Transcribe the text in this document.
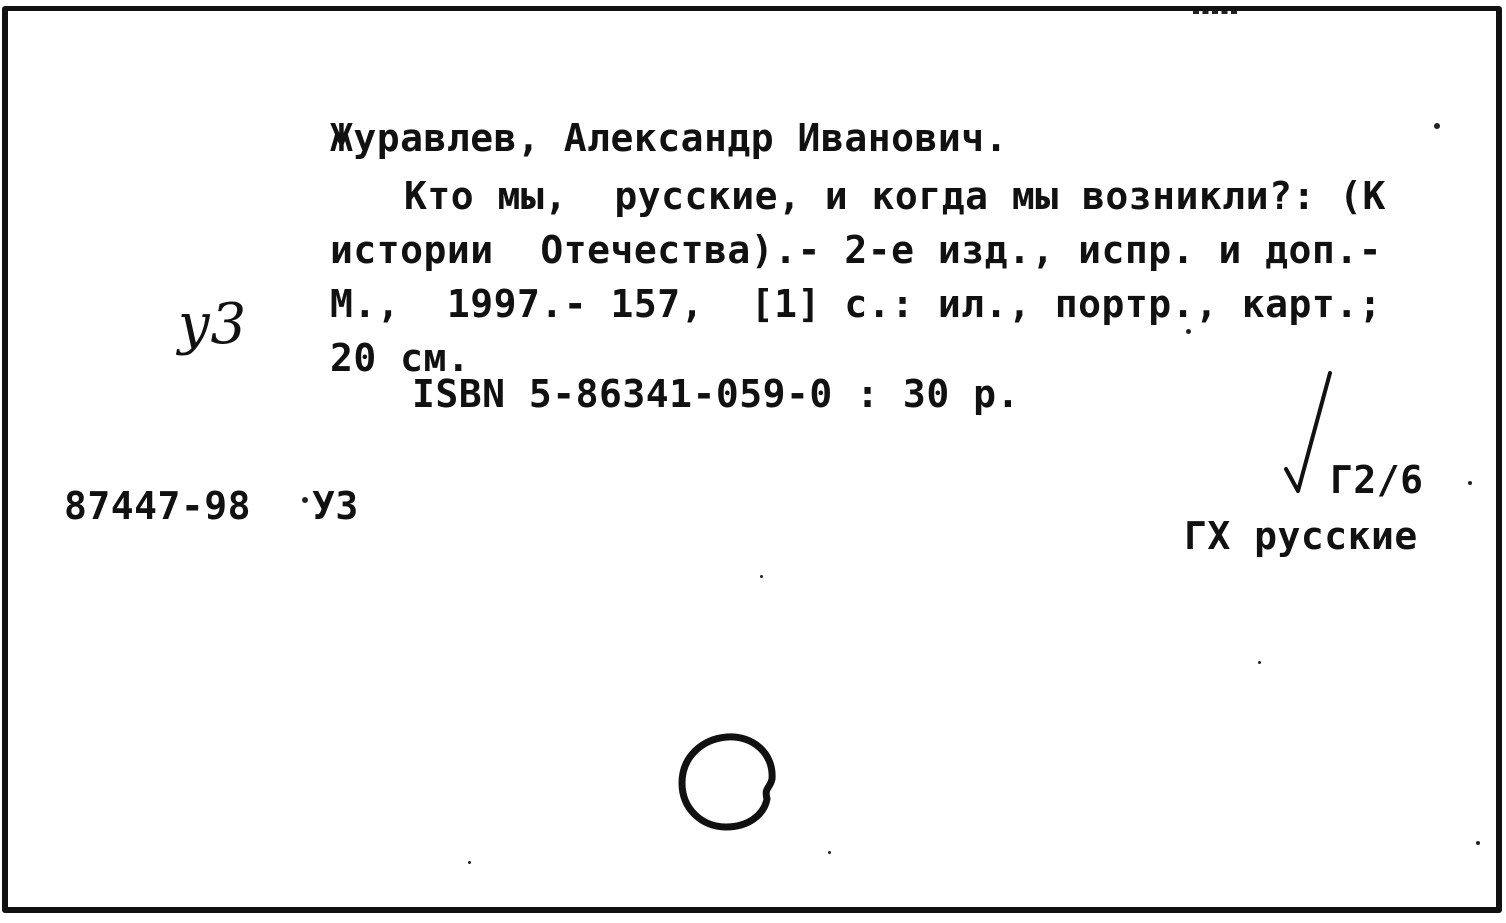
Журавлев, Александр Иванович.
Кто мы,  русские, и когда мы возникли?: (К
истории  Отечества).- 2-е изд., испр. и доп.-
М.,  1997.- 157,  [1] с.: ил., портр., карт.;
20 см.
ISBN 5-86341-059-0 : 30 р.
у3
87447-98 У3
Г2/6
ГХ русские
